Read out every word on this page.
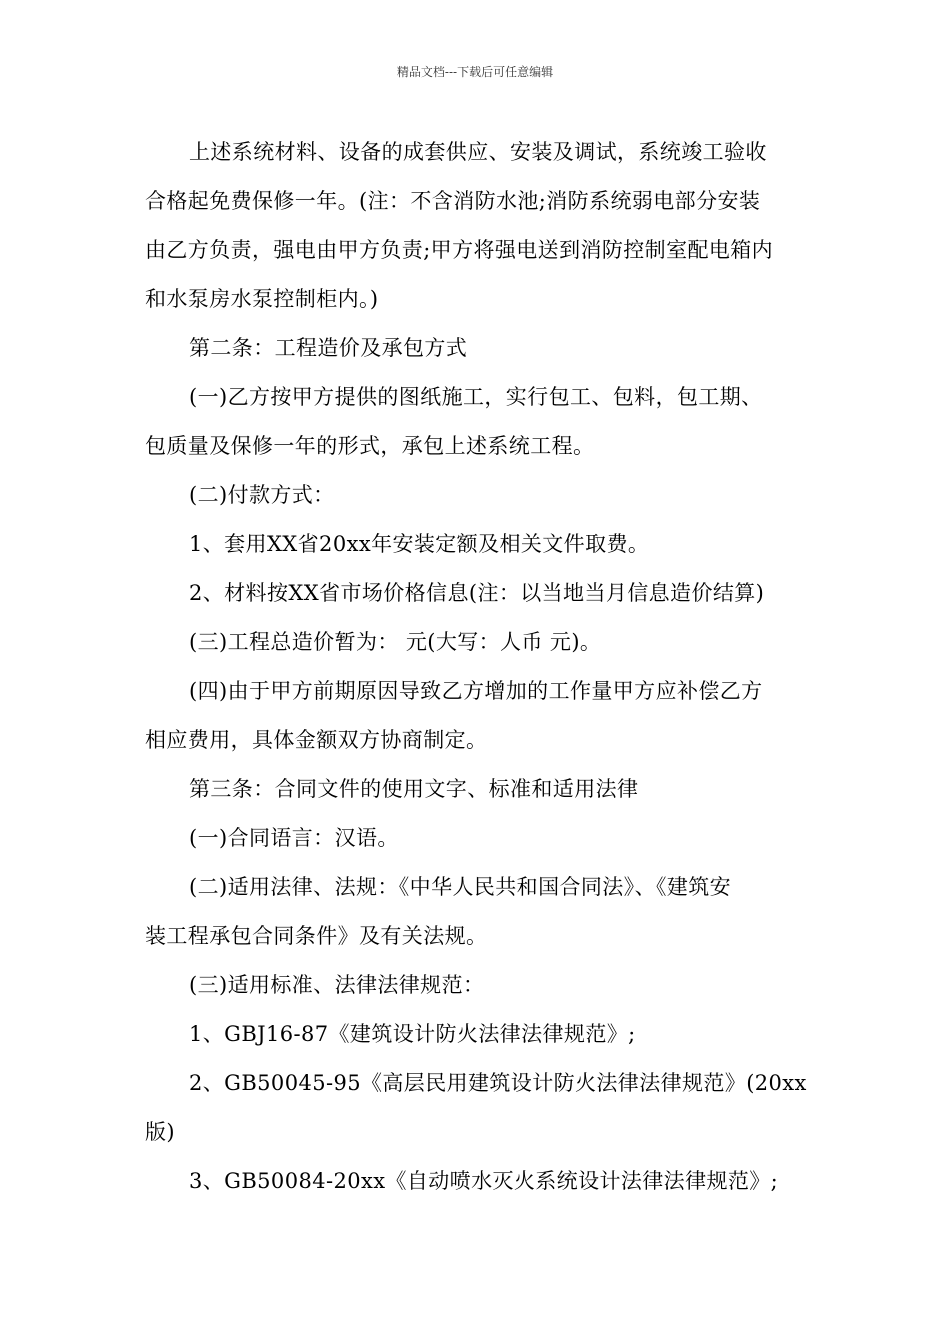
精品文档---下载后可任意编辑
上述系统材料、设备的成套供应、安装及调试，系统竣工验收
合格起免费保修一年。(注：不含消防水池;消防系统弱电部分安装
由乙方负责，强电由甲方负责;甲方将强电送到消防控制室配电箱内
和水泵房水泵控制柜内。)
第二条：工程造价及承包方式
(一)乙方按甲方提供的图纸施工，实行包工、包料，包工期、
包质量及保修一年的形式，承包上述系统工程。
(二)付款方式：
1、套用XX省20xx年安装定额及相关文件取费。
2、材料按XX省市场价格信息(注：以当地当月信息造价结算)
(三)工程总造价暂为： 元(大写：人币 元)。
(四)由于甲方前期原因导致乙方增加的工作量甲方应补偿乙方
相应费用，具体金额双方协商制定。
第三条：合同文件的使用文字、标准和适用法律
(一)合同语言：汉语。
(二)适用法律、法规：《中华人民共和国合同法》、《建筑安
装工程承包合同条件》及有关法规。
(三)适用标准、法律法律规范：
1、GBJ16-87《建筑设计防火法律法律规范》;
2、GB50045-95《高层民用建筑设计防火法律法律规范》(20xx
版)
3、GB50084-20xx《自动喷水灭火系统设计法律法律规范》;
